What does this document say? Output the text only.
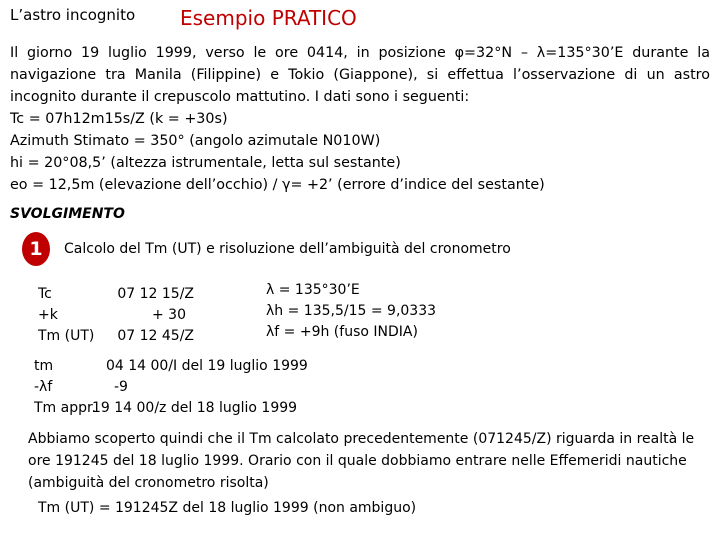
L’astro incognito Esempio PRATICO

Il giorno 19 luglio 1999, verso le ore 0414, in posizione φ=32°N – λ=135°30’E durante la navigazione tra Manila (Filippine) e Tokio (Giappone), si effettua l’osservazione di un astro incognito durante il crepuscolo mattutino. I dati sono i seguenti:

Tc = 07h12m15s/Z (k = +30s)

Azimuth Stimato = 350° (angolo azimutale N010W)

hi = 20°08,5’ (altezza istrumentale, letta sul sestante)

eo = 12,5m (elevazione dell’occhio) / γ= +2’ (errore d’indice del sestante)

SVOLGIMENTO
1	Calcolo del Tm (UT) e risoluzione dell’ambiguità del cronometro
Tc
+k
Tm (UT)
07 12 15/Z
+ 30
07 12 45/Z
λ = 135°30’E
λh = 135,5/15 = 9,0333
λf = +9h (fuso INDIA)
tm
-λf
Tm appr.
04 14 00/I del 19 luglio 1999
-9
19 14 00/z del 18 luglio 1999
Abbiamo scoperto quindi che il Tm calcolato precedentemente (071245/Z) riguarda in realtà le ore 191245 del 18 luglio 1999. Orario con il quale dobbiamo entrare nelle Effemeridi nautiche (ambiguità del cronometro risolta)
Tm (UT) = 191245Z del 18 luglio 1999 (non ambiguo)
